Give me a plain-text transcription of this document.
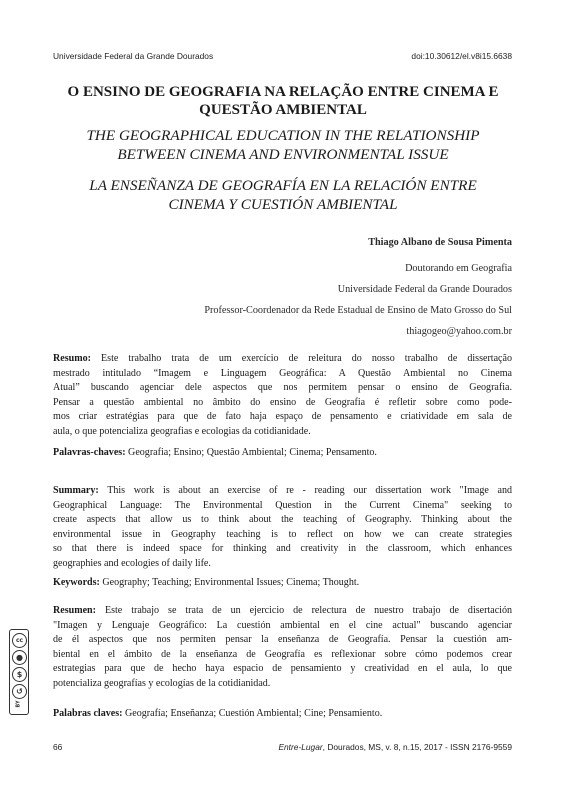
Universidade Federal da Grande Dourados	doi:10.30612/el.v8i15.6638
O ENSINO DE GEOGRAFIA NA RELAÇÃO ENTRE CINEMA E
QUESTÃO AMBIENTAL
THE GEOGRAPHICAL EDUCATION IN THE RELATIONSHIP
BETWEEN CINEMA AND ENVIRONMENTAL ISSUE
LA ENSEÑANZA DE GEOGRAFÍA EN LA RELACIÓN ENTRE
CINEMA Y CUESTIÓN AMBIENTAL
Thiago Albano de Sousa Pimenta
Doutorando em Geografia
Universidade Federal da Grande Dourados
Professor-Coordenador da Rede Estadual de Ensino de Mato Grosso do Sul
thiagogeo@yahoo.com.br
Resumo: Este trabalho trata de um exercício de releitura do nosso trabalho de dissertação
mestrado intitulado “Imagem e Linguagem Geográfica: A Questão Ambiental no Cinema
Atual” buscando agenciar dele aspectos que nos permitem pensar o ensino de Geografia.
Pensar a questão ambiental no âmbito do ensino de Geografia é refletir sobre como pode-
mos criar estratégias para que de fato haja espaço de pensamento e criatividade em sala de
aula, o que potencializa geografias e ecologias da cotidianidade.
Palavras-chaves: Geografia; Ensino; Questão Ambiental; Cinema; Pensamento.
Summary: This work is about an exercise of re - reading our dissertation work "Image and
Geographical Language: The Environmental Question in the Current Cinema" seeking to
create aspects that allow us to think about the teaching of Geography. Thinking about the
environmental issue in Geography teaching is to reflect on how we can create strategies
so that there is indeed space for thinking and creativity in the classroom, which enhances
geographies and ecologies of daily life.
Keywords: Geography; Teaching; Environmental Issues; Cinema; Thought.
Resumen: Este trabajo se trata de un ejercicio de relectura de nuestro trabajo de disertación
"Imagen y Lenguaje Geográfico: La cuestión ambiental en el cine actual" buscando agenciar
de él aspectos que nos permiten pensar la enseñanza de Geografía. Pensar la cuestión am-
biental en el ámbito de la enseñanza de Geografía es reflexionar sobre cómo podemos crear
estrategias para que de hecho haya espacio de pensamiento y creatividad en el aula, lo que
potencializa geografías y ecologías de la cotidianidad.
Palabras claves: Geografía; Enseñanza; Cuestión Ambiental; Cine; Pensamiento.
cc
●
$
↺
BY
66	Entre-Lugar, Dourados, MS, v. 8, n.15, 2017 - ISSN 2176-9559
